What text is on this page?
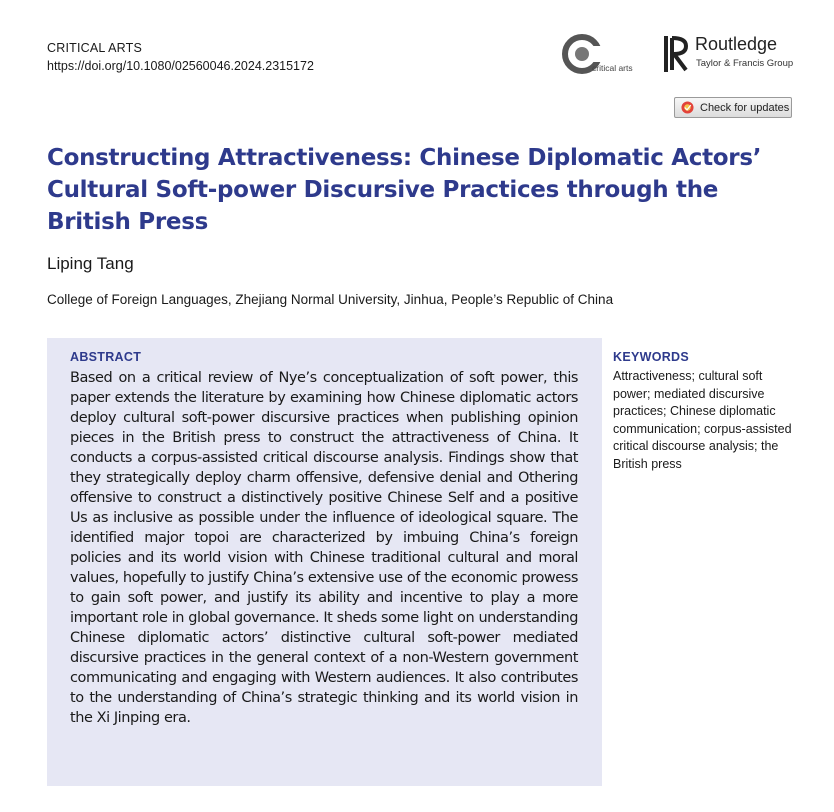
CRITICAL ARTS
https://doi.org/10.1080/02560046.2024.2315172	critical arts
Routledge
Taylor & Francis Group
Check for updates
Constructing Attractiveness: Chinese Diplomatic Actors’ Cultural Soft-power Discursive Practices through the British Press
Liping Tang
College of Foreign Languages, Zhejiang Normal University, Jinhua, People’s Republic of China
ABSTRACT
Based on a critical review of Nye’s conceptualization of soft power, this paper extends the literature by examining how Chinese diplomatic actors deploy cultural soft-power discursive practices when publishing opinion pieces in the British press to construct the attractiveness of China. It conducts a corpus-assisted critical discourse analysis. Findings show that they strategically deploy charm offensive, defensive denial and Othering offensive to construct a distinctively positive Chinese Self and a positive Us as inclusive as possible under the influence of ideological square. The identified major topoi are characterized by imbuing China’s foreign policies and its world vision with Chinese traditional cultural and moral values, hopefully to justify China’s extensive use of the economic prowess to gain soft power, and justify its ability and incentive to play a more important role in global governance. It sheds some light on understanding Chinese diplomatic actors’ distinctive cultural soft-power mediated discursive practices in the general context of a non-Western government communicating and engaging with Western audiences. It also contributes to the understanding of China’s strategic thinking and its world vision in the Xi Jinping era.
KEYWORDS
Attractiveness; cultural soft power; mediated discursive practices; Chinese diplomatic communication; corpus-assisted critical discourse analysis; the British press
